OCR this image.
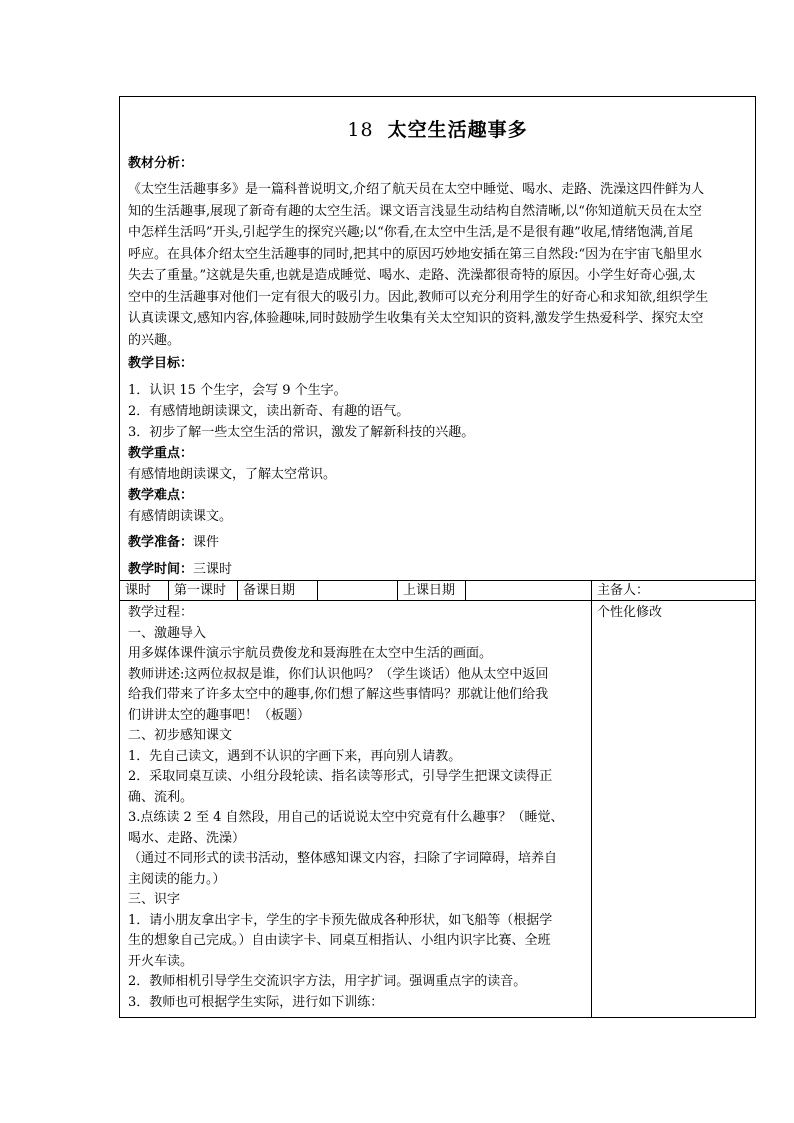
18 太空生活趣事多
教材分析：
《太空生活趣事多》是一篇科普说明文,介绍了航天员在太空中睡觉、喝水、走路、洗澡这四件鲜为人
知的生活趣事,展现了新奇有趣的太空生活。课文语言浅显生动结构自然清晰,以“你知道航天员在太空
中怎样生活吗”开头,引起学生的探究兴趣;以“你看,在太空中生活,是不是很有趣”收尾,情绪饱满,首尾
呼应。在具体介绍太空生活趣事的同时,把其中的原因巧妙地安插在第三自然段:“因为在宇宙飞船里水
失去了重量。”这就是失重,也就是造成睡觉、喝水、走路、洗澡都很奇特的原因。小学生好奇心强,太
空中的生活趣事对他们一定有很大的吸引力。因此,教师可以充分利用学生的好奇心和求知欲,组织学生
认真读课文,感知内容,体验趣味,同时鼓励学生收集有关太空知识的资料,激发学生热爱科学、探究太空
的兴趣。
教学目标：
1．认识 15 个生字，会写 9 个生字。
2．有感情地朗读课文，读出新奇、有趣的语气。
3．初步了解一些太空生活的常识，激发了解新科技的兴趣。
教学重点：
有感情地朗读课文，了解太空常识。
教学难点：
有感情朗读课文。
教学准备：课件
教学时间：三课时
课时	第一课时	备课日期	上课日期	主备人：
教学过程：
一、激趣导入
用多媒体课件演示宇航员费俊龙和聂海胜在太空中生活的画面。
教师讲述:这两位叔叔是谁，你们认识他吗？（学生谈话）他从太空中返回
给我们带来了许多太空中的趣事,你们想了解这些事情吗？那就让他们给我
们讲讲太空的趣事吧！（板题）
二、初步感知课文
1．先自己读文，遇到不认识的字画下来，再向别人请教。
2．采取同桌互读、小组分段轮读、指名读等形式，引导学生把课文读得正
确、流利。
3.点练读 2 至 4 自然段，用自己的话说说太空中究竟有什么趣事？（睡觉、
喝水、走路、洗澡）
（通过不同形式的读书活动，整体感知课文内容，扫除了字词障碍，培养自
主阅读的能力。）
三、识字
1．请小朋友拿出字卡，学生的字卡预先做成各种形状，如飞船等（根据学
生的想象自己完成。）自由读字卡、同桌互相指认、小组内识字比赛、全班
开火车读。
2．教师相机引导学生交流识字方法，用字扩词。强调重点字的读音。
3．教师也可根据学生实际，进行如下训练：
个性化修改
